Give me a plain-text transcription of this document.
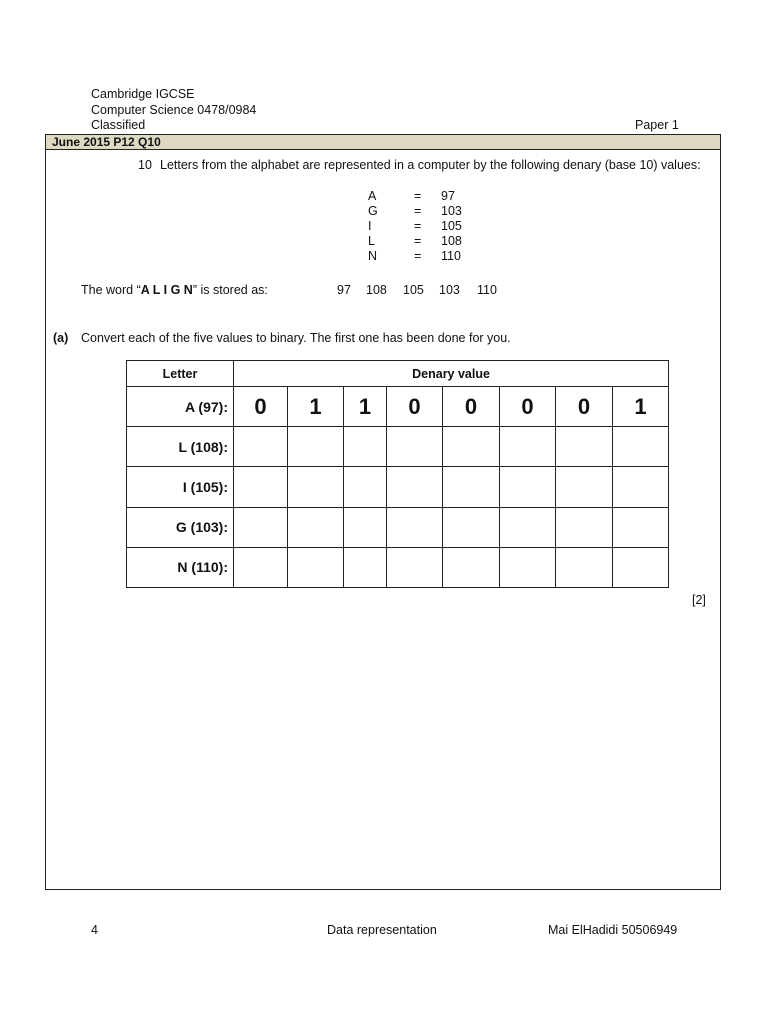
Cambridge IGCSE
Computer Science 0478/0984
Classified	Paper 1
June 2015 P12 Q10
10 Letters from the alphabet are represented in a computer by the following denary (base 10) values:
A	= 97
G	= 103
I	= 105
L	= 108
N	= 110
The word “A L I G N” is stored as:	97 108 105 103 110
(a) Convert each of the five values to binary. The first one has been done for you.
Letter	Denary value							
A (97):	0	1	1	0	0	0	0	1
L (108):								
I (105):								
G (103):								
N (110):								
[2]
4	Data representation	Mai ElHadidi 50506949
